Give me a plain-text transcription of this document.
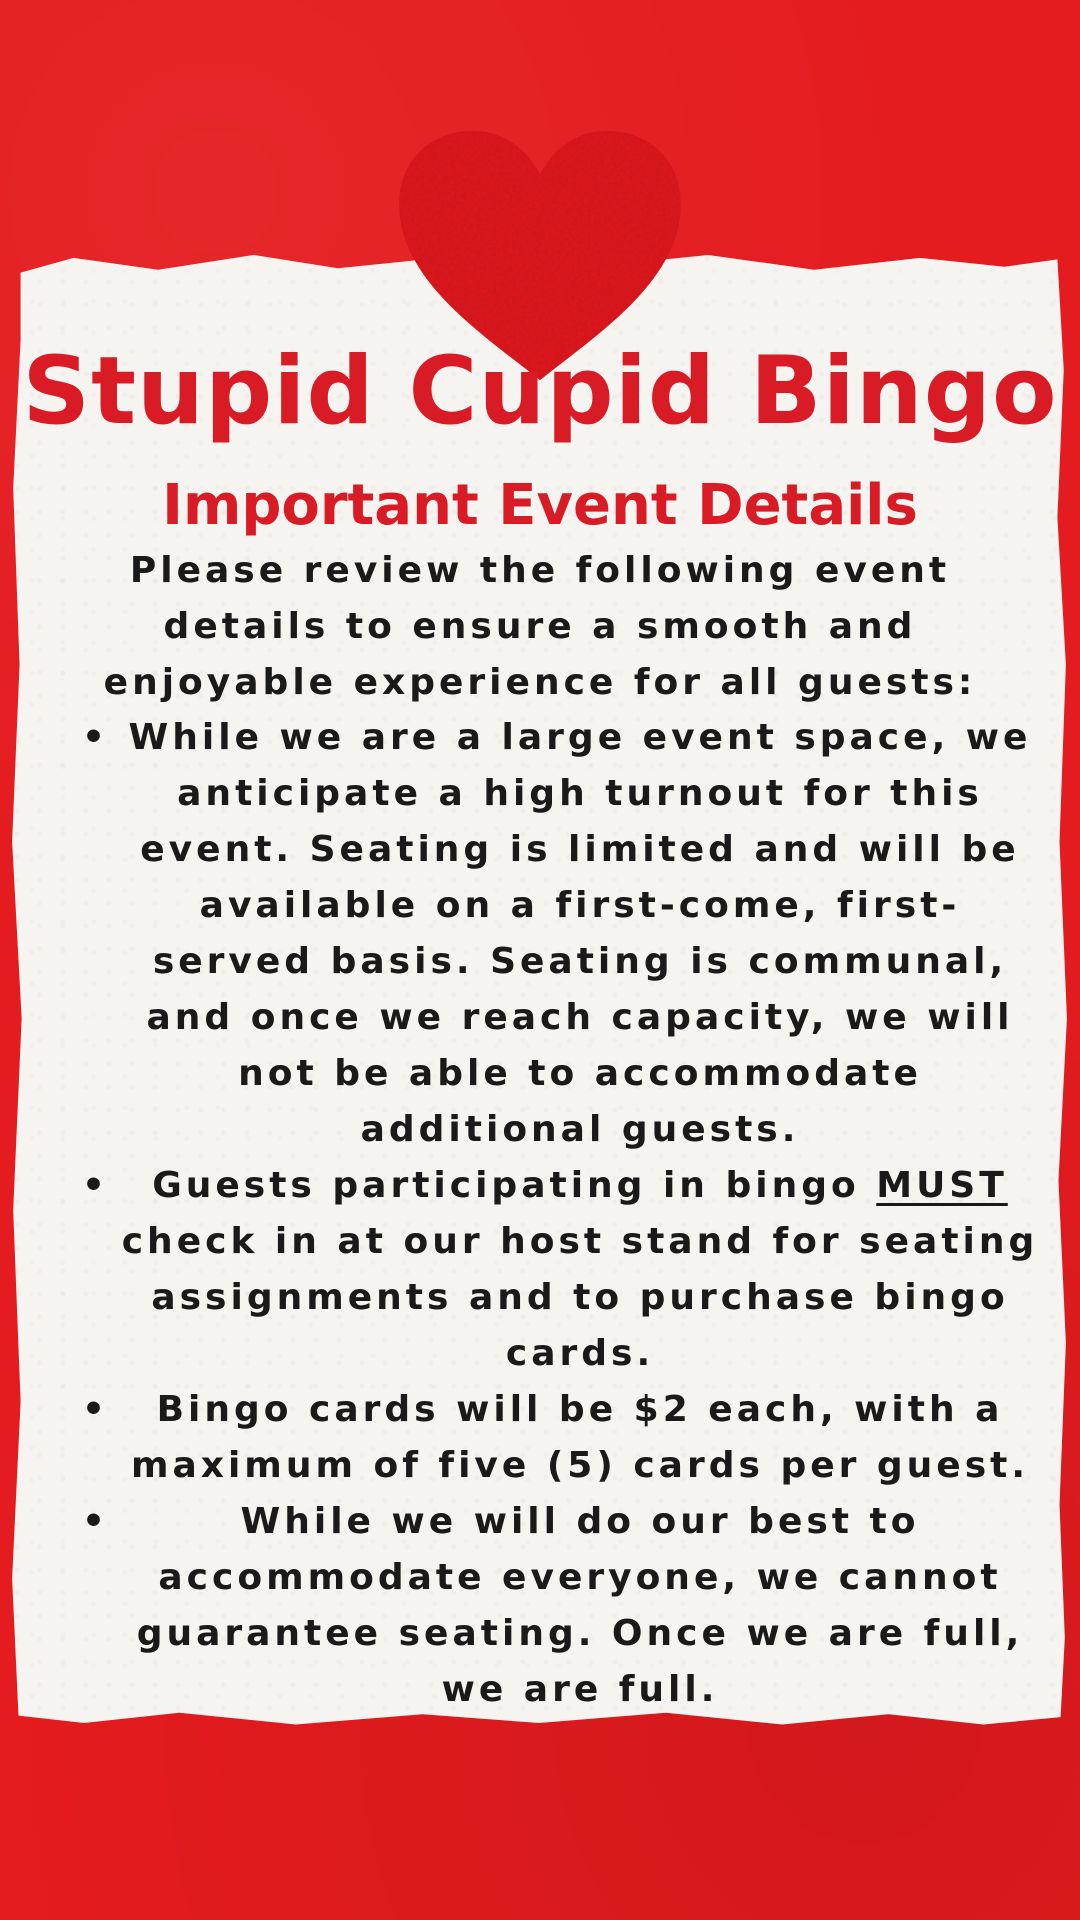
Stupid Cupid Bingo
Important Event Details

Please review the following event details to ensure a smooth and enjoyable experience for all guests:

• While we are a large event space, we anticipate a high turnout for this event. Seating is limited and will be available on a first-come, first-served basis. Seating is communal, and once we reach capacity, we will not be able to accommodate additional guests.
• Guests participating in bingo MUST check in at our host stand for seating assignments and to purchase bingo cards.
• Bingo cards will be $2 each, with a maximum of five (5) cards per guest.
•	While we will do our best to accommodate everyone, we cannot guarantee seating. Once we are full, we are full.
